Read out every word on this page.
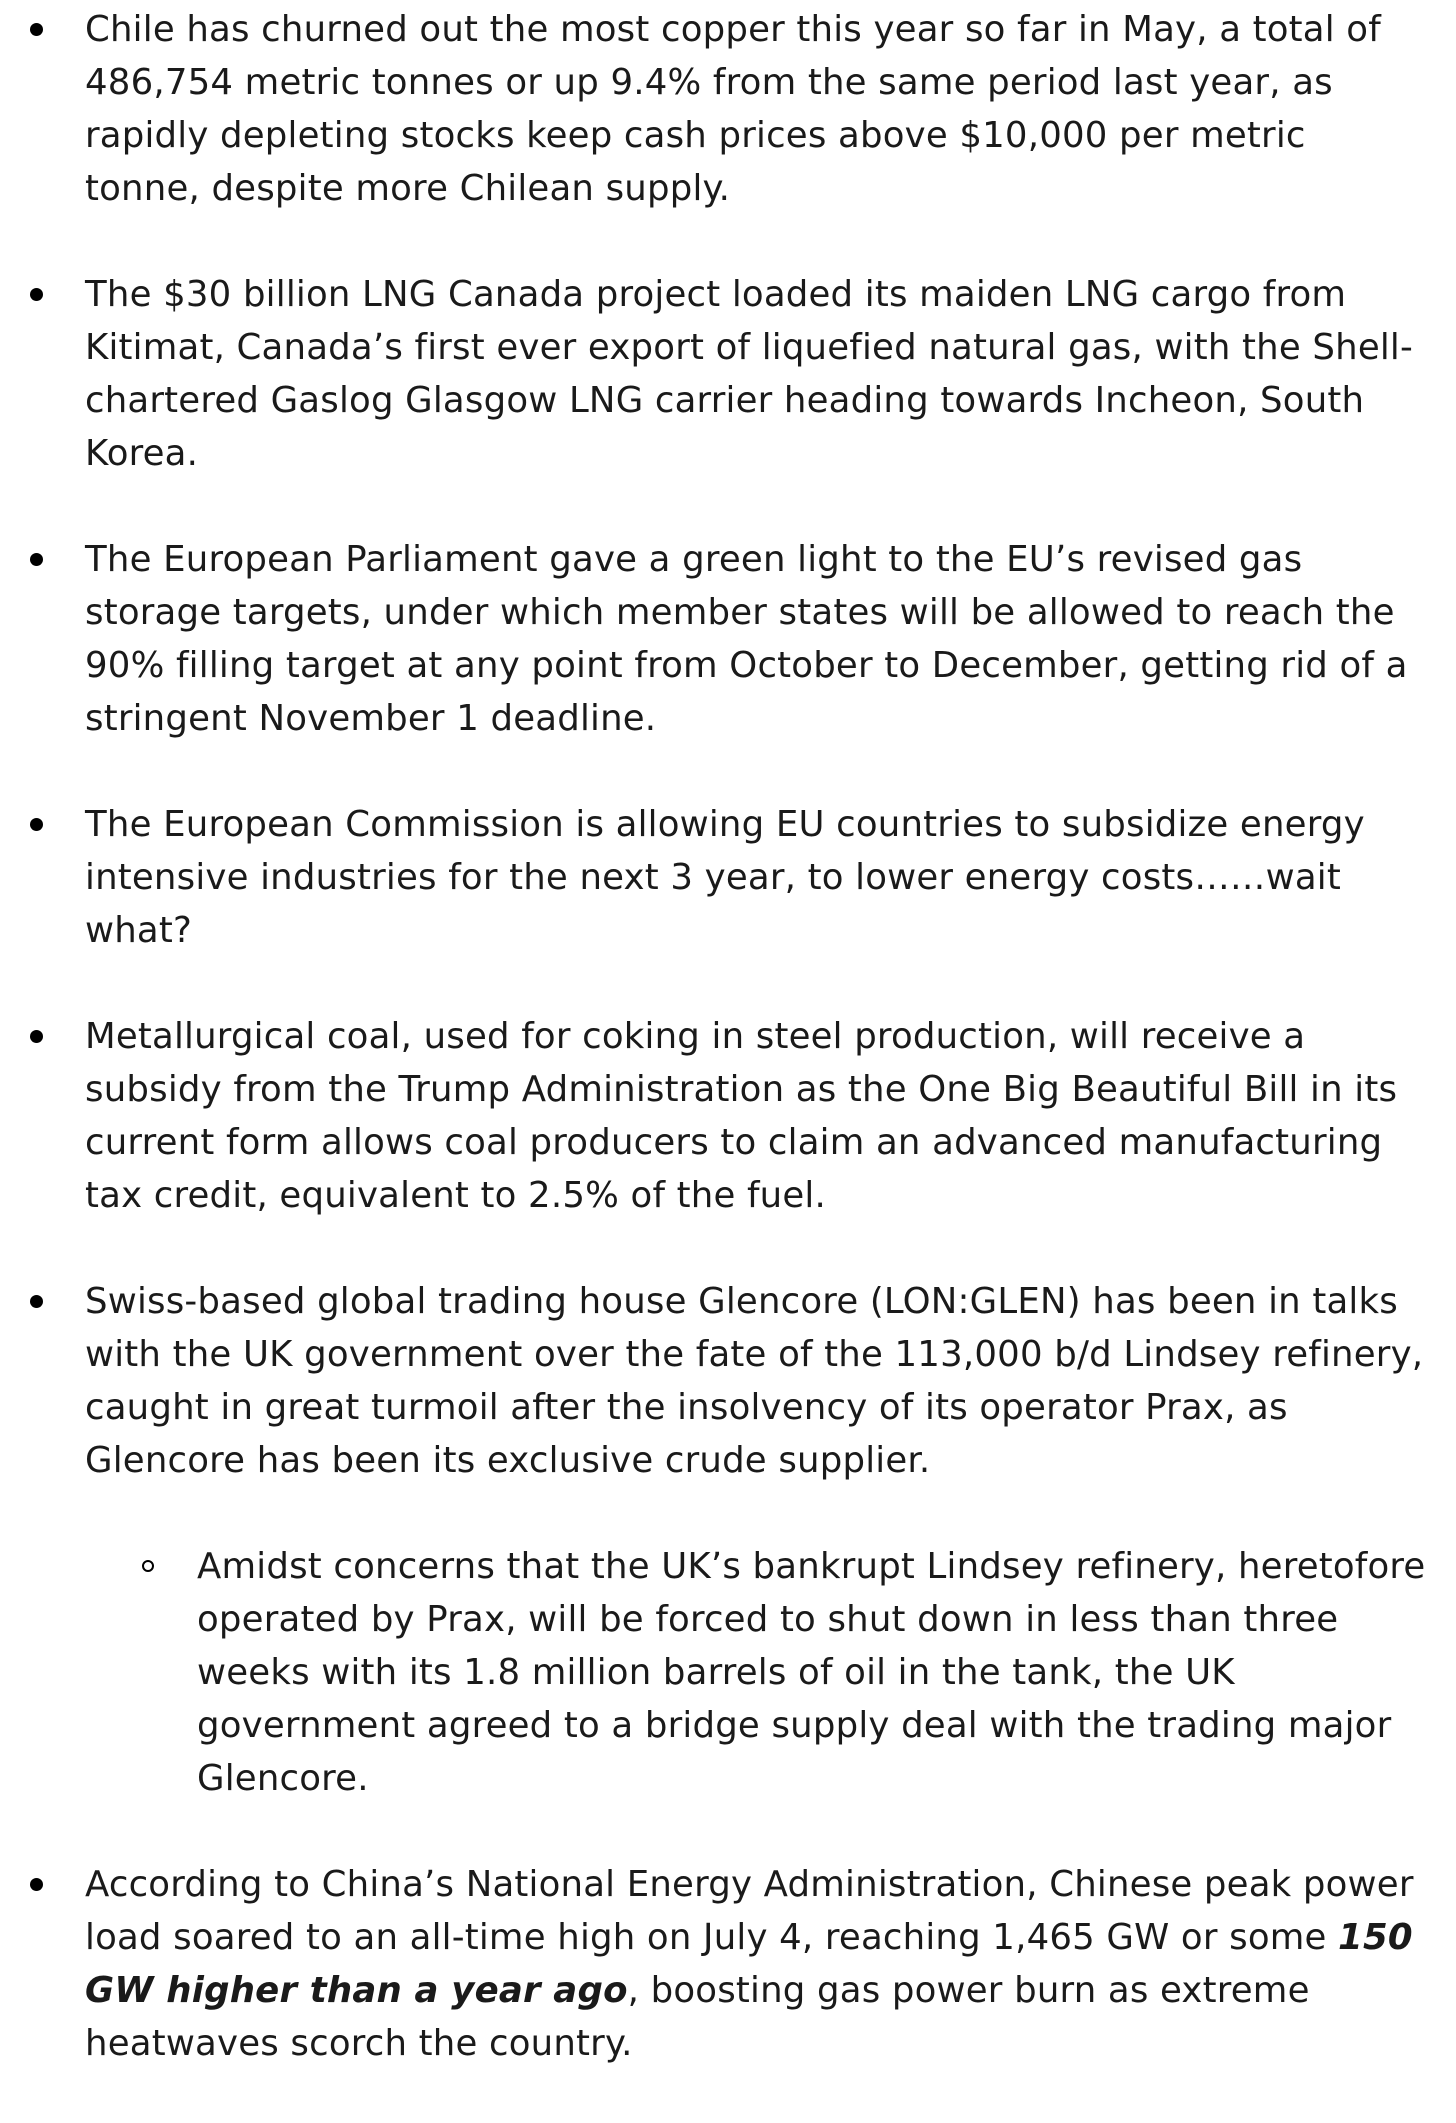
Chile has churned out the most copper this year so far in May, a total of 486,754 metric tonnes or up 9.4% from the same period last year, as rapidly depleting stocks keep cash prices above $10,000 per metric tonne, despite more Chilean supply.

The $30 billion LNG Canada project loaded its maiden LNG cargo from Kitimat, Canada’s first ever export of liquefied natural gas, with the Shell-chartered Gaslog Glasgow LNG carrier heading towards Incheon, South Korea.

The European Parliament gave a green light to the EU’s revised gas storage targets, under which member states will be allowed to reach the 90% filling target at any point from October to December, getting rid of a stringent November 1 deadline.

The European Commission is allowing EU countries to subsidize energy intensive industries for the next 3 year, to lower energy costs……wait what?

Metallurgical coal, used for coking in steel production, will receive a subsidy from the Trump Administration as the One Big Beautiful Bill in its current form allows coal producers to claim an advanced manufacturing tax credit, equivalent to 2.5% of the fuel.

Swiss-based global trading house Glencore (LON:GLEN) has been in talks with the UK government over the fate of the 113,000 b/d Lindsey refinery, caught in great turmoil after the insolvency of its operator Prax, as Glencore has been its exclusive crude supplier.

Amidst concerns that the UK’s bankrupt Lindsey refinery, heretofore operated by Prax, will be forced to shut down in less than three weeks with its 1.8 million barrels of oil in the tank, the UK government agreed to a bridge supply deal with the trading major Glencore.

According to China’s National Energy Administration, Chinese peak power load soared to an all-time high on July 4, reaching 1,465 GW or some 150 GW higher than a year ago, boosting gas power burn as extreme heatwaves scorch the country.
